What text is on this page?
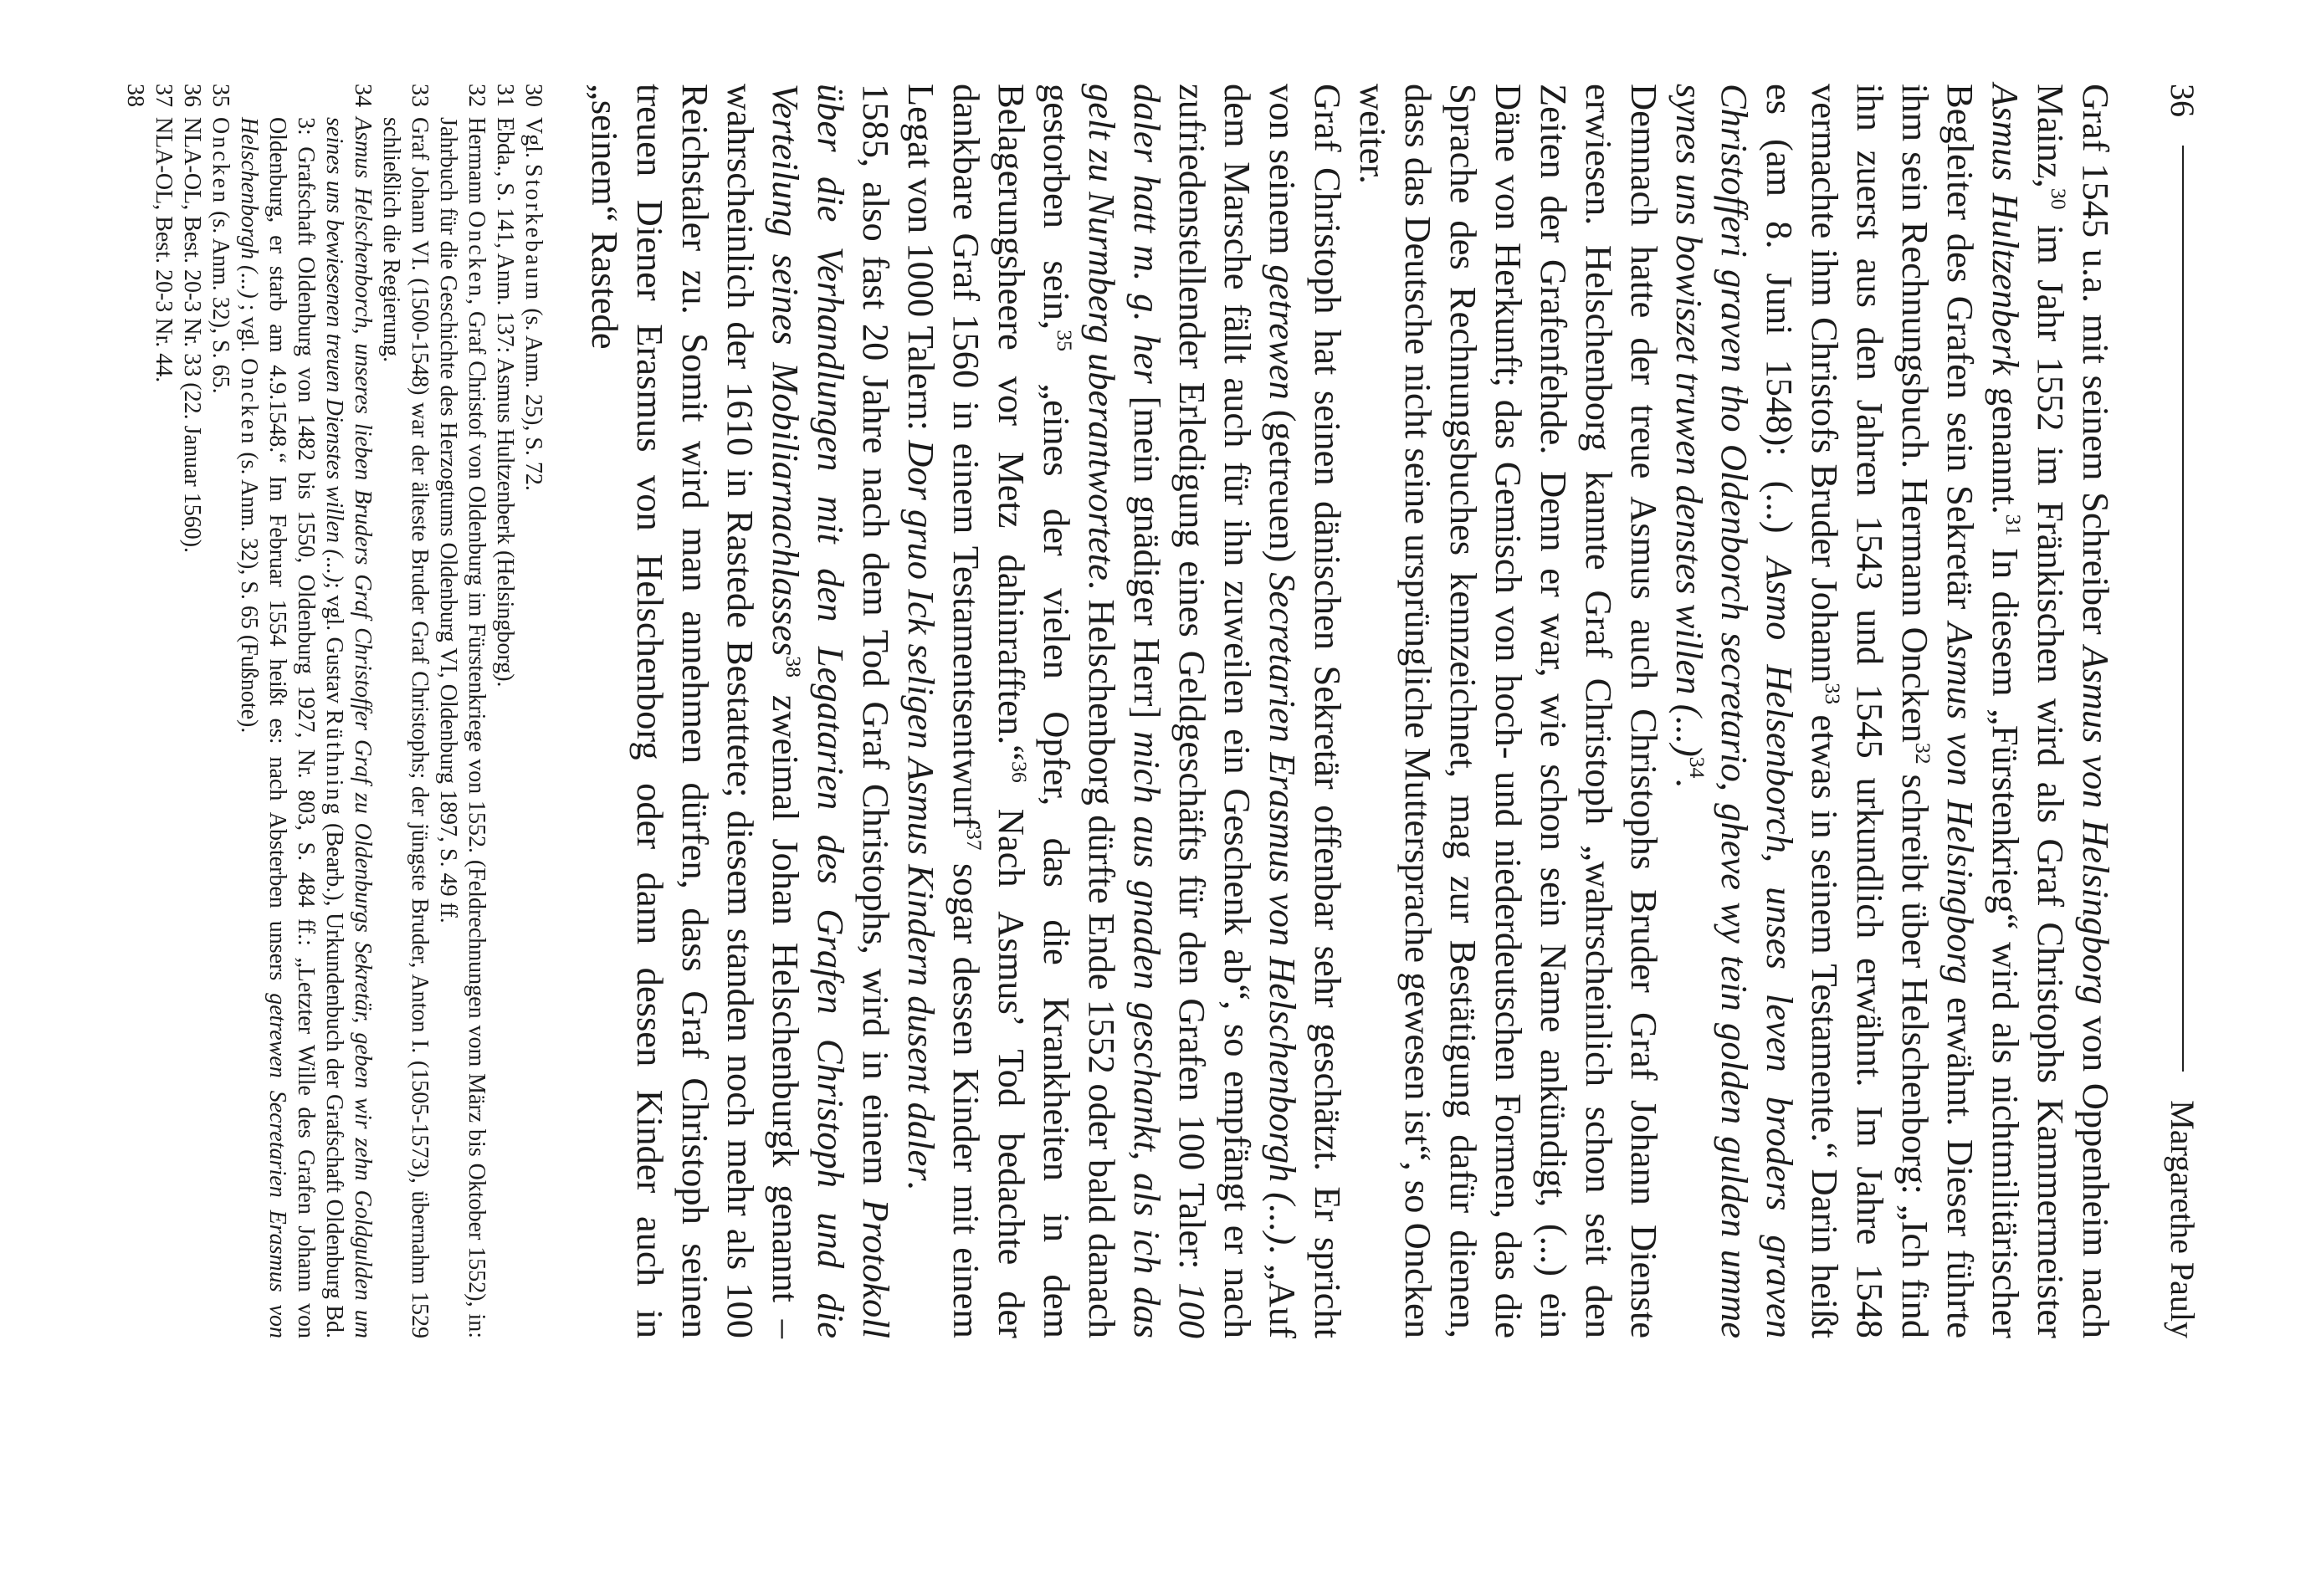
36
Margarethe Pauly

Graf 1545 u.a. mit seinem Schreiber Asmus von Helsingborg von Oppenheim nach Mainz,$^{30}$ im Jahr 1552 im Fränkischen wird als Graf Christophs Kammermeister Asmus Hultzenberk genannt.$^{31}$ In diesem „Fürstenkrieg“ wird als nichtmilitärischer Begleiter des Grafen sein Sekretär Asmus von Helsingborg erwähnt. Dieser führte ihm sein Rechnungsbuch. Hermann Oncken$^{32}$ schreibt über Helschenborg: „Ich find ihn zuerst aus den Jahren 1543 und 1545 urkundlich erwähnt. Im Jahre 1548 vermachte ihm Christofs Bruder Johann$^{33}$ etwas in seinem Testamente.“ Darin heißt es (am 8. Juni 1548): (...) Asmo Helsenborch, unses leven broders graven Christofferi graven tho Oldenborch secretario, gheve wy tein golden gulden umme synes uns bowiszet truwen denstes willen (...)$^{34}$.

Demnach hatte der treue Asmus auch Christophs Bruder Graf Johann Dienste erwiesen. Helschenborg kannte Graf Christoph „wahrscheinlich schon seit den Zeiten der Grafenfehde. Denn er war, wie schon sein Name ankündigt, (...) ein Däne von Herkunft; das Gemisch von hoch- und niederdeutschen Formen, das die Sprache des Rechnungsbuches kennzeichnet, mag zur Bestätigung dafür dienen, dass das Deutsche nicht seine ursprüngliche Muttersprache gewesen ist“, so Oncken weiter.

Graf Christoph hat seinen dänischen Sekretär offenbar sehr geschätzt. Er spricht von seinem getrewen (getreuen) Secretarien Erasmus von Helschenborgh (...). „Auf dem Marsche fällt auch für ihn zuweilen ein Geschenk ab“, so empfängt er nach zufriedenstellender Erledigung eines Geldgeschäfts für den Grafen 100 Taler: 100 daler hatt m. g. her [mein gnädiger Herr] mich aus gnaden geschankt, als ich das gelt zu Nurmberg uberantwortete. Helschenborg dürfte Ende 1552 oder bald danach gestorben sein,$^{35}$ „eines der vielen Opfer, das die Krankheiten in dem Belagerungsheere vor Metz dahinrafften.“$^{36}$ Nach Asmus’ Tod bedachte der dankbare Graf 1560 in einem Testamentsentwurf$^{37}$ sogar dessen Kinder mit einem Legat von 1000 Talern: Dor gruo Ick seligen Asmus Kindern dusent daler.

1585, also fast 20 Jahre nach dem Tod Graf Christophs, wird in einem Protokoll über die Verhandlungen mit den Legatarien des Grafen Christoph und die Verteilung seines Mobiliarnachlasses$^{38}$ zweimal Johan Helschenburgk genannt – wahrscheinlich der 1610 in Rastede Bestattete; diesem standen noch mehr als 100 Reichstaler zu. Somit wird man annehmen dürfen, dass Graf Christoph seinen treuen Diener Erasmus von Helschenborg oder dann dessen Kinder auch in „seinem“ Rastede

30
Vgl. Storkebaum (s. Anm. 25), S. 72.
31
Ebda., S. 141, Anm. 137: Asmus Hultzenberk (Helsingborg).
32
Hermann Oncken, Graf Christof von Oldenburg im Fürstenkriege von 1552. (Feldrechnungen vom März bis Oktober 1552), in: Jahrbuch für die Geschichte des Herzogtums Oldenburg VI, Oldenburg 1897, S. 49 ff.
33
Graf Johann VI. (1500-1548) war der älteste Bruder Graf Christophs; der jüngste Bruder, Anton I. (1505-1573), übernahm 1529 schließlich die Regierung.
34
Asmus Helschenborch, unseres lieben Bruders Graf Christoffer Graf zu Oldenburgs Sekretär, geben wir zehn Goldgulden um seines uns bewiesenen treuen Dienstes willen (...); vgl. Gustav Rüthning (Bearb.), Urkundenbuch der Grafschaft Oldenburg Bd. 3: Grafschaft Oldenburg von 1482 bis 1550, Oldenburg 1927, Nr. 803, S. 484 ff.: „Letzter Wille des Grafen Johann von Oldenburg, er starb am 4.9.1548.“ Im Februar 1554 heißt es: nach Absterben unsers getrewen Secretarien Erasmus von Helschenborgh (...) ; vgl. Oncken (s. Anm. 32), S. 65 (Fußnote).
35
Oncken (s. Anm. 32), S. 65.
36
NLA-OL, Best. 20-3 Nr. 33 (22. Januar 1560).
37
NLA-OL, Best. 20-3 Nr. 44.
38
